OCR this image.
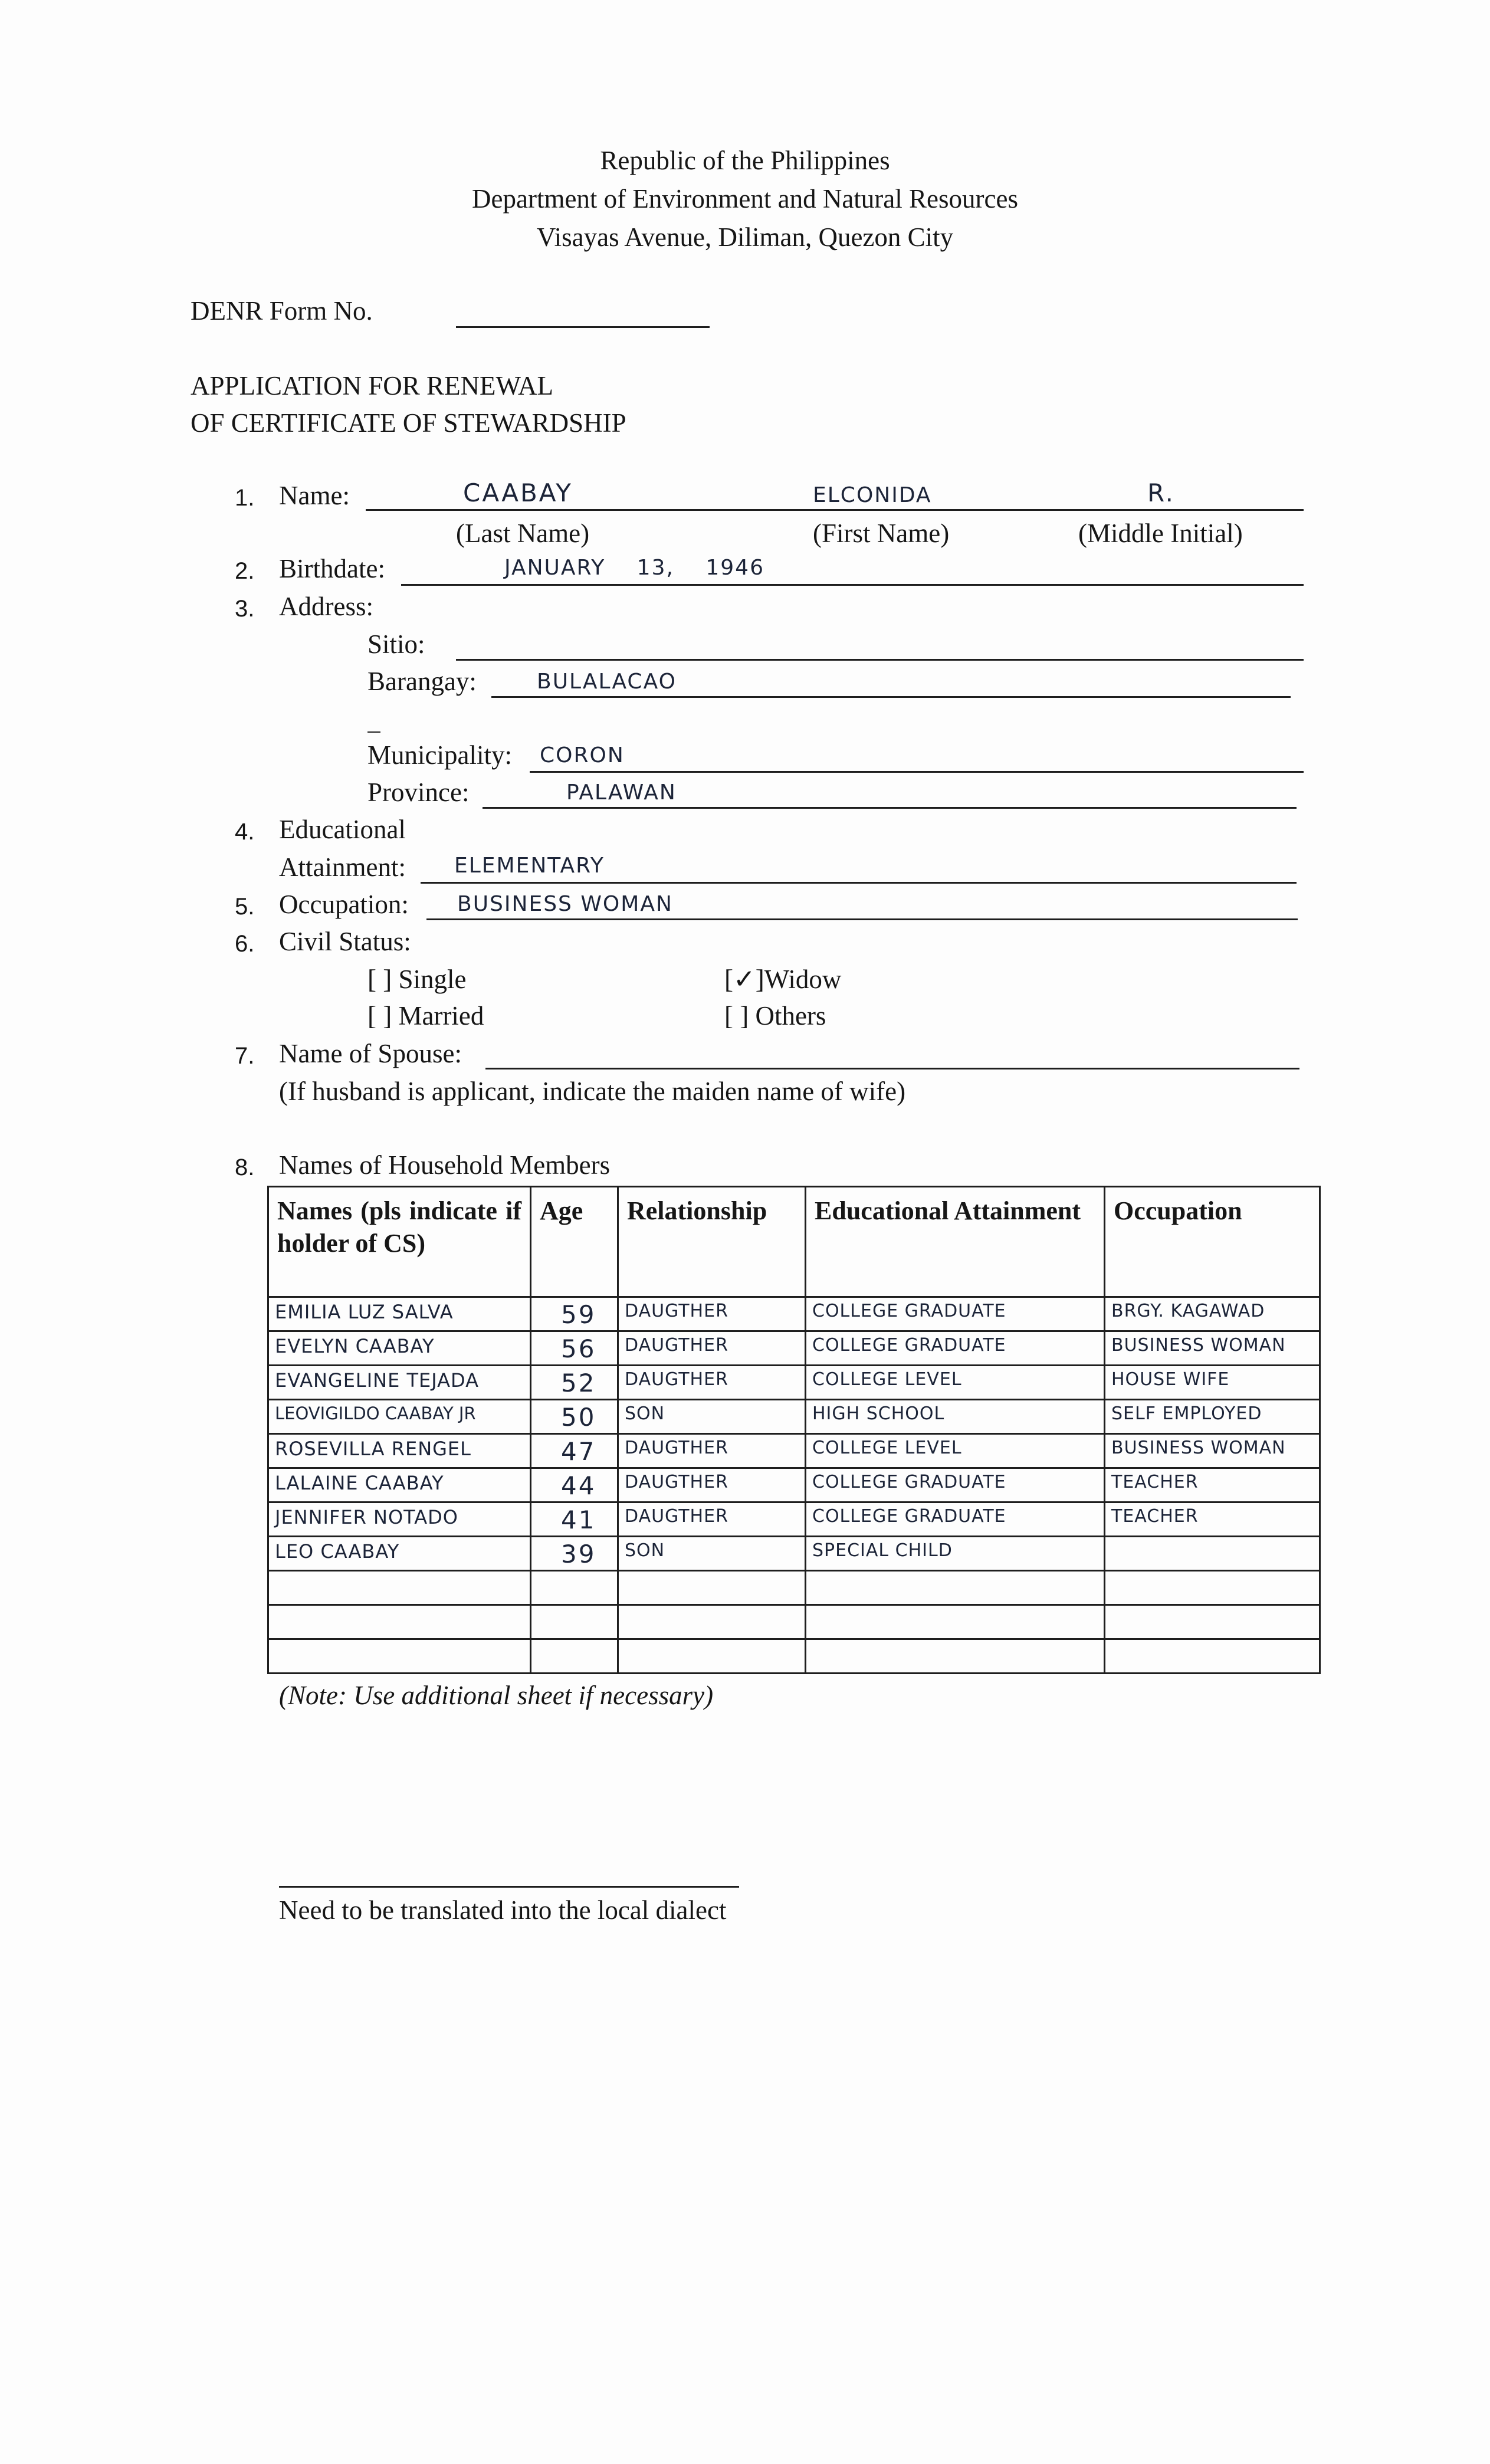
Republic of the Philippines
Department of Environment and Natural Resources
Visayas Avenue, Diliman, Quezon City
DENR Form No.
APPLICATION FOR RENEWAL
OF CERTIFICATE OF STEWARDSHIP
1. Name:	CAABAY	ELCONIDA	R.
(Last Name)	(First Name)	(Middle Initial)
2. Birthdate:	JANUARY 13, 1946
3. Address:
Sitio:
Barangay:	BULALACAO
Municipality: CORON
Province:	PALAWAN
4. Educational
Attainment: ELEMENTARY
5. Occupation: BUSINESS WOMAN
6. Civil Status:
[ ] Single
[ ] Married
[✓]Widow
[ ] Others
7. Name of Spouse:
(If husband is applicant, indicate the maiden name of wife)
8. Names of Household Members
Names (pls indicate if holder of CS)	Age	Relationship	Educational Attainment	Occupation

EMILIA LUZ SALVA	59	DAUGTHER	COLLEGE GRADUATE	BRGY. KAGAWAD

EVELYN CAABAY	56	DAUGTHER	COLLEGE GRADUATE	BUSINESS WOMAN

EVANGELINE TEJADA	52	DAUGTHER	COLLEGE LEVEL	HOUSE WIFE

LEOVIGILDO CAABAY JR	50	SON	HIGH SCHOOL	SELF EMPLOYED

ROSEVILLA RENGEL	47	DAUGTHER	COLLEGE LEVEL	BUSINESS WOMAN

LALAINE CAABAY	44	DAUGTHER	COLLEGE GRADUATE	TEACHER

JENNIFER NOTADO	41	DAUGTHER	COLLEGE GRADUATE	TEACHER

LEO CAABAY	39	SON	SPECIAL CHILD	

(Note: Use additional sheet if necessary)
Need to be translated into the local dialect
